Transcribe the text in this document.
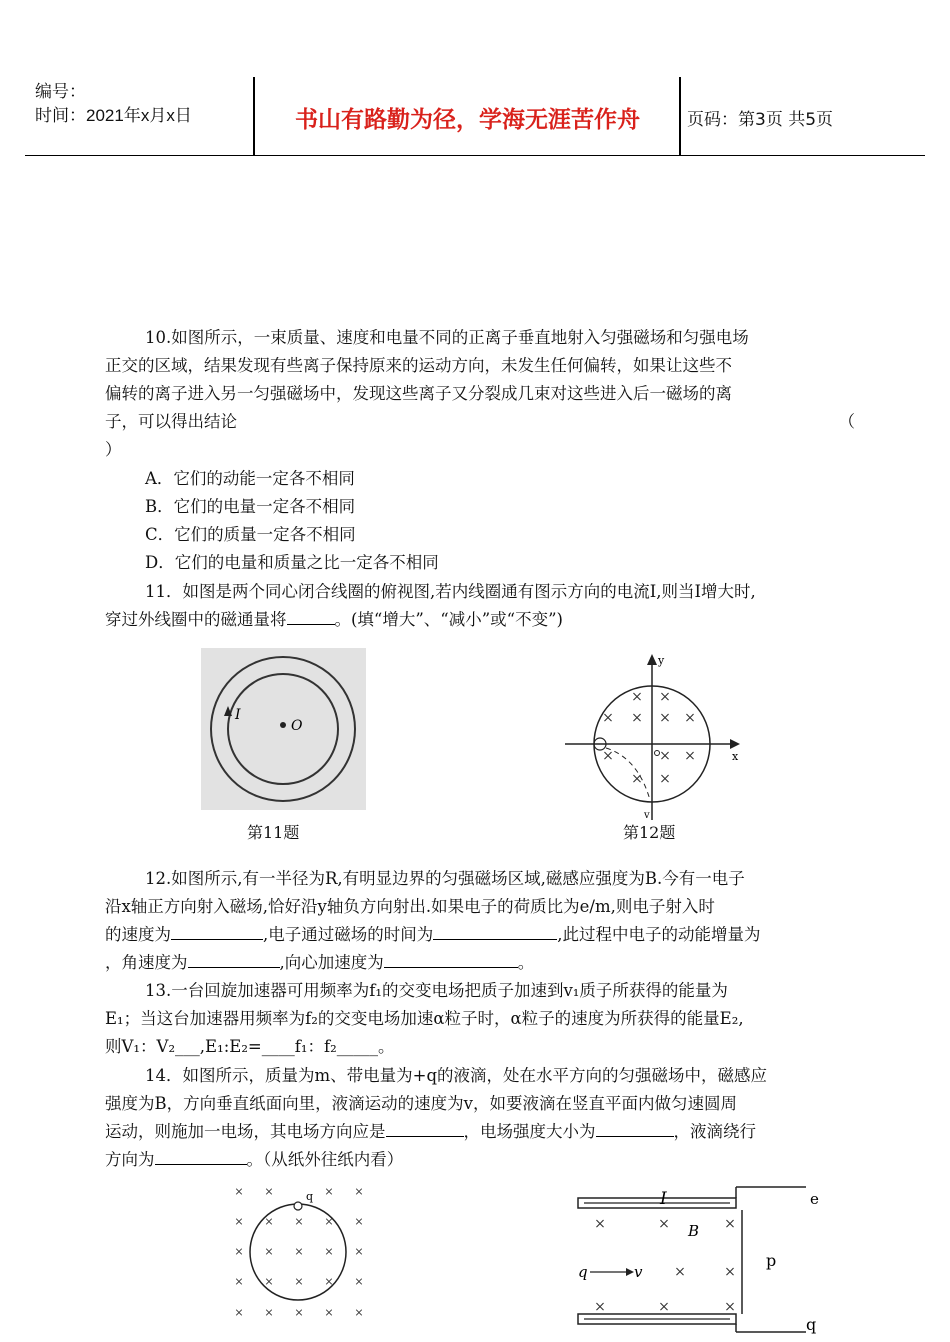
编号：
时间：2021年x月x日	书山有路勤为径，学海无涯苦作舟	页码：第3页 共5页
10.如图所示，一束质量、速度和电量不同的正离子垂直地射入匀强磁场和匀强电场
正交的区域，结果发现有些离子保持原来的运动方向，未发生任何偏转，如果让这些不
偏转的离子进入另一匀强磁场中，发现这些离子又分裂成几束对这些进入后一磁场的离
子，可以得出结论	（
）
A．它们的动能一定各不相同
B．它们的电量一定各不相同
C．它们的质量一定各不相同
D．它们的电量和质量之比一定各不相同
11．如图是两个同心闭合线圈的俯视图,若内线圈通有图示方向的电流I,则当I增大时,
穿过外线圈中的磁通量将	。(填“增大”、“减小”或“不变”)
I
O
第11题
x
y
× ×
× × × ×
×	× ×
× ×
v
第12题
12.如图所示,有一半径为R,有明显边界的匀强磁场区域,磁感应强度为B.今有一电子
沿x轴正方向射入磁场,恰好沿y轴负方向射出.如果电子的荷质比为e/m,则电子射入时
的速度为	,电子通过磁场的时间为	,此过程中电子的动能增量为
，角速度为	,向心加速度为	。
13.一台回旋加速器可用频率为f₁的交变电场把质子加速到v₁质子所获得的能量为
E₁；当这台加速器用频率为f₂的交变电场加速α粒子时，α粒子的速度为所获得的能量E₂,
则V₁：V₂___,E₁:E₂=____f₁：f₂_____。
14．如图所示，质量为m、带电量为+q的液滴，处在水平方向的匀强磁场中，磁感应
强度为B，方向垂直纸面向里，液滴运动的速度为v，如要液滴在竖直平面内做匀速圆周
运动，则施加一电场，其电场方向应是	，电场强度大小为	，液滴绕行
方向为	。（从纸外往纸内看）
× ×	× ×
× × × × ×
× × × × ×
× × × × ×
× × × × ×
q	I
B
×	×	×
×	×
×	×	×
q	v
e
p
q
